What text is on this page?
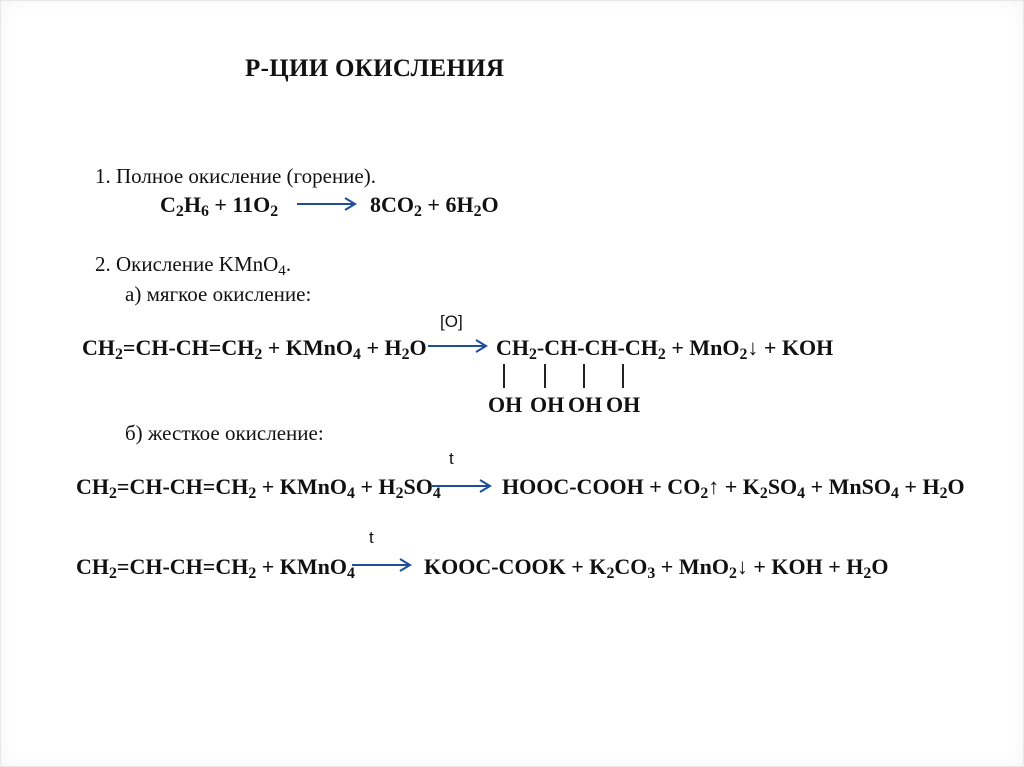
Р-ЦИИ ОКИСЛЕНИЯ
1. Полное окисление (горение).
$C_2H_6 + 11O_2 \to 8CO_2 + 6H_2O$
2. Окисление KMnO$_4$.
а) мягкое окисление:
[O]
$CH_2=CH-CH=CH_2$ + KMnO$_4$ + $H_2O \to CH_2-CH-CH-CH_2$ + MnO$_2$↓ + KOH
OH OH OH OH
б) жесткое окисление:
t
$CH_2=CH-CH=CH_2$ + KMnO$_4$ + $H_2SO_4$ → HOOC-COOH + $CO_2↑ + K_2SO_4$ + MnSO$_4$ + $H_2O$
t
$CH_2=CH-CH=CH_2$ + KMnO$_4$ → KOOC-COOK + $K_2CO_3$ + MnO$_2$↓ + KOH + $H_2O$
